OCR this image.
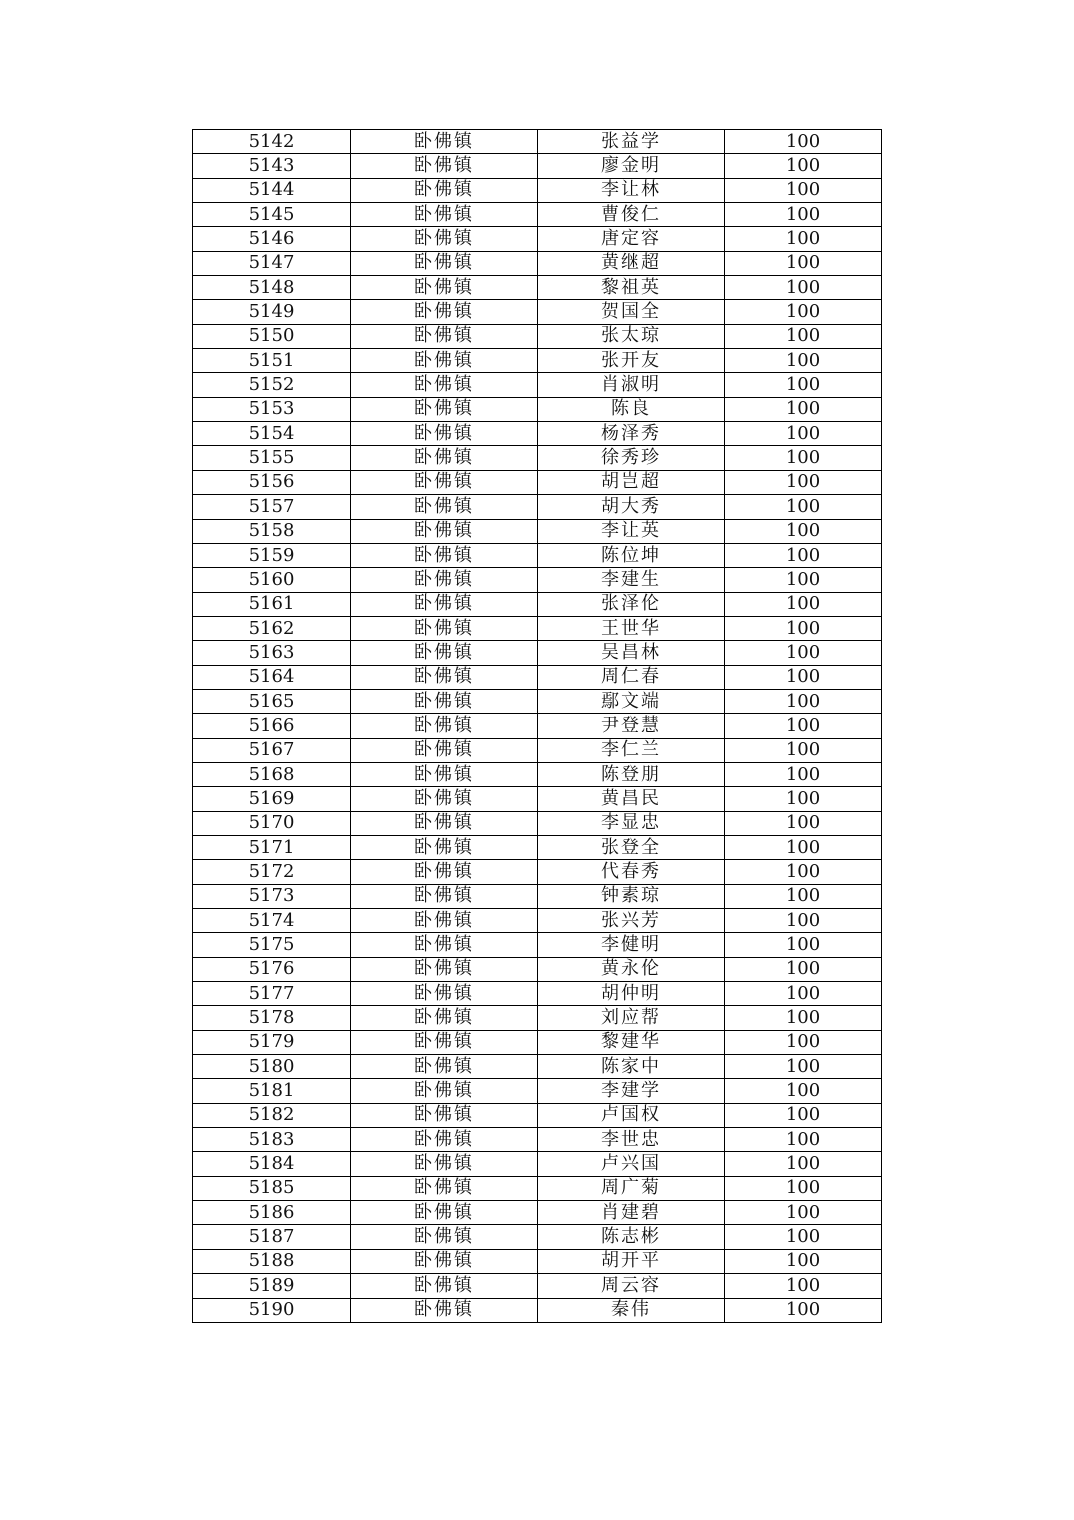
5142	卧佛镇	张益学	100
5143	卧佛镇	廖金明	100
5144	卧佛镇	李让林	100
5145	卧佛镇	曹俊仁	100
5146	卧佛镇	唐定容	100
5147	卧佛镇	黄继超	100
5148	卧佛镇	黎祖英	100
5149	卧佛镇	贺国全	100
5150	卧佛镇	张太琼	100
5151	卧佛镇	张开友	100
5152	卧佛镇	肖淑明	100
5153	卧佛镇	陈良	100
5154	卧佛镇	杨泽秀	100
5155	卧佛镇	徐秀珍	100
5156	卧佛镇	胡岂超	100
5157	卧佛镇	胡大秀	100
5158	卧佛镇	李让英	100
5159	卧佛镇	陈位坤	100
5160	卧佛镇	李建生	100
5161	卧佛镇	张泽伦	100
5162	卧佛镇	王世华	100
5163	卧佛镇	吴昌林	100
5164	卧佛镇	周仁春	100
5165	卧佛镇	鄢文端	100
5166	卧佛镇	尹登慧	100
5167	卧佛镇	李仁兰	100
5168	卧佛镇	陈登朋	100
5169	卧佛镇	黄昌民	100
5170	卧佛镇	李显忠	100
5171	卧佛镇	张登全	100
5172	卧佛镇	代春秀	100
5173	卧佛镇	钟素琼	100
5174	卧佛镇	张兴芳	100
5175	卧佛镇	李健明	100
5176	卧佛镇	黄永伦	100
5177	卧佛镇	胡仲明	100
5178	卧佛镇	刘应帮	100
5179	卧佛镇	黎建华	100
5180	卧佛镇	陈家中	100
5181	卧佛镇	李建学	100
5182	卧佛镇	卢国权	100
5183	卧佛镇	李世忠	100
5184	卧佛镇	卢兴国	100
5185	卧佛镇	周广菊	100
5186	卧佛镇	肖建碧	100
5187	卧佛镇	陈志彬	100
5188	卧佛镇	胡开平	100
5189	卧佛镇	周云容	100
5190	卧佛镇	秦伟	100
